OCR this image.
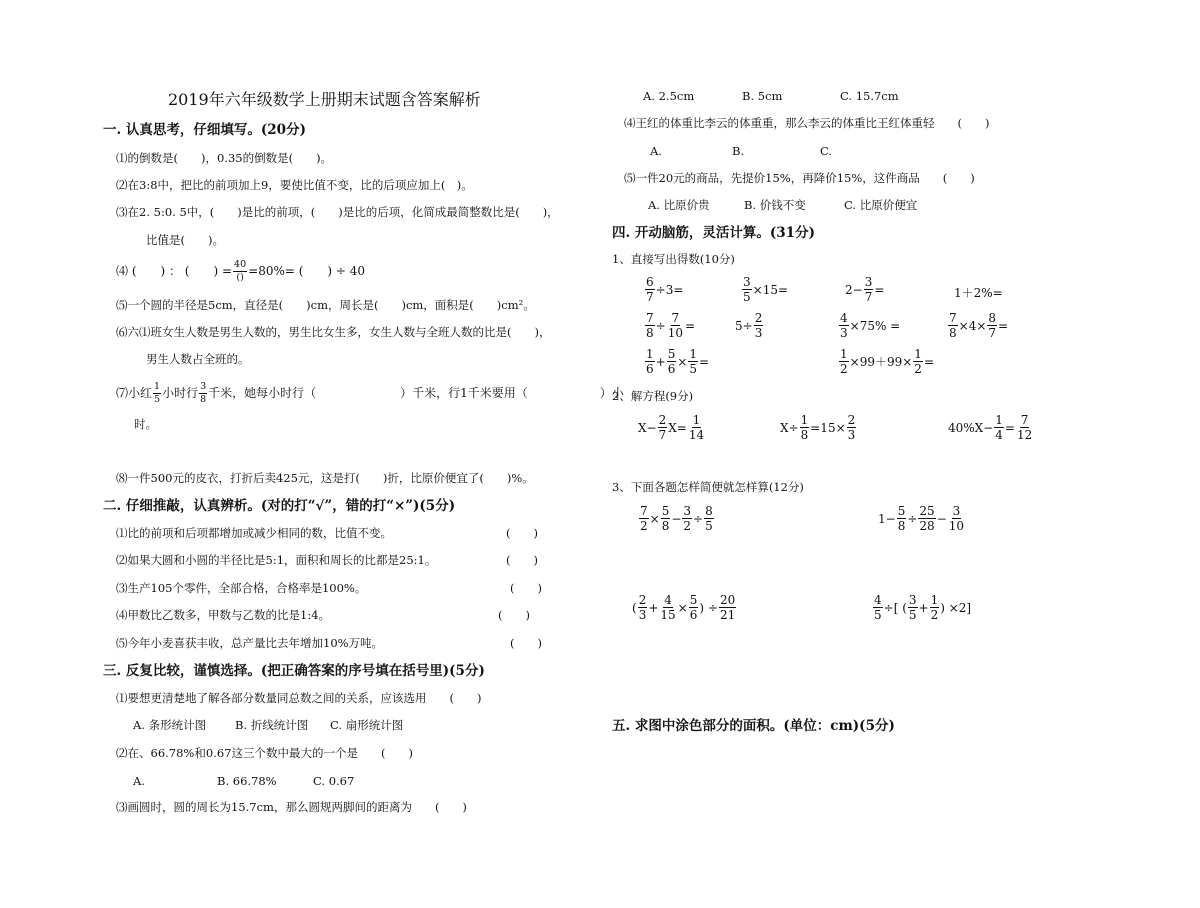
2019年六年级数学上册期末试题含答案解析
一. 认真思考，仔细填写。(20分)
⑴的倒数是(　　)，0.35的倒数是(　　)。
⑵在3:8中，把比的前项加上9，要使比值不变，比的后项应加上(　)。
⑶在2. 5:0. 5中，(　　)是比的前项，(　　)是比的后项，化简成最简整数比是(　　)，
比值是(　　)。
⑷ (　　) ： (　　) = $\frac{40}{()} =80\%=$ (　　) ÷ 40
⑸一个圆的半径是5cm，直径是(　　)cm，周长是(　　)cm，面积是(　　)cm²。
⑹六⑴班女生人数是男生人数的，男生比女生多，女生人数与全班人数的比是(　　)，
男生人数占全班的。
⑺小红 $\frac{1}{5}$ 小时行 $\frac{3}{8}$ 千米，她每小时行（　　　　　　　）千米，行1千米要用（　　　　　　）小
时。
⑻一件500元的皮衣，打折后卖425元，这是打(　　)折，比原价便宜了(　　)%。
二. 仔细推敲，认真辨析。(对的打“√”，错的打“×”)(5分)
⑴比的前项和后项都增加或减少相同的数，比值不变。	(　　)
⑵如果大圆和小圆的半径比是5:1，面积和周长的比都是25:1。	(　　)
⑶生产105个零件，全部合格，合格率是100%。	(　　)
⑷甲数比乙数多，甲数与乙数的比是1:4。	(　　)
⑸今年小麦喜获丰收，总产量比去年增加10%万吨。	(　　)
三. 反复比较，谨慎选择。(把正确答案的序号填在括号里)(5分)
⑴要想更清楚地了解各部分数量同总数之间的关系，应该选用　　(　　)
A. 条形统计图	B. 折线统计图 C. 扇形统计图
⑵在、66.78%和0.67这三个数中最大的一个是　　(　　)
A.	B. 66.78%	C. 0.67
⑶画圆时，圆的周长为15.7cm，那么圆规两脚间的距离为　　(　　)
A. 2.5cm	B. 5cm	C. 15.7cm
⑷王红的体重比李云的体重重，那么李云的体重比王红体重轻　　(　　)
A.	B.	C.
⑸一件20元的商品，先提价15%，再降价15%，这件商品　　(　　)
A. 比原价贵	B. 价钱不变	C. 比原价便宜
四. 开动脑筋，灵活计算。(31分)
1、直接写出得数(10分)
$\frac{6}{7} \div 3=$	$\frac{3}{5} \times 15=$	$2- \frac{3}{7}$ =	1＋2%=
$\frac{7}{8} \div \frac{7}{10}$ =	$5\div \frac{2}{3}$	$\frac{4}{3} \times 75\%$ =	$\frac{7}{8} \times 4\times \frac{8}{7}$ =
$\frac{1}{6} + \frac{5}{6} \times \frac{1}{5}$ =	$\frac{1}{2} \times 99+99\times \frac{1}{2}$ =
2、解方程(9分)
$X- \frac{2}{7} X= \frac{1}{14}$	$X\div \frac{1}{8} =15\times \frac{2}{3}$	$40\%X- \frac{1}{4} = \frac{7}{12}$
3、下面各题怎样简便就怎样算(12分)
$\frac{7}{2} \times \frac{5}{8} - \frac{3}{2} \div \frac{8}{5}$	$1- \frac{5}{8} \div \frac{25}{28} - \frac{3}{10}$
( $\frac{2}{3} + \frac{4}{15} \times \frac{5}{6}$ ) ÷ $\frac{20}{21}$	$\frac{4}{5}$ ÷[ ( $\frac{3}{5} + \frac{1}{2}$ ) ×2]
五. 求图中涂色部分的面积。(单位：cm)(5分)
